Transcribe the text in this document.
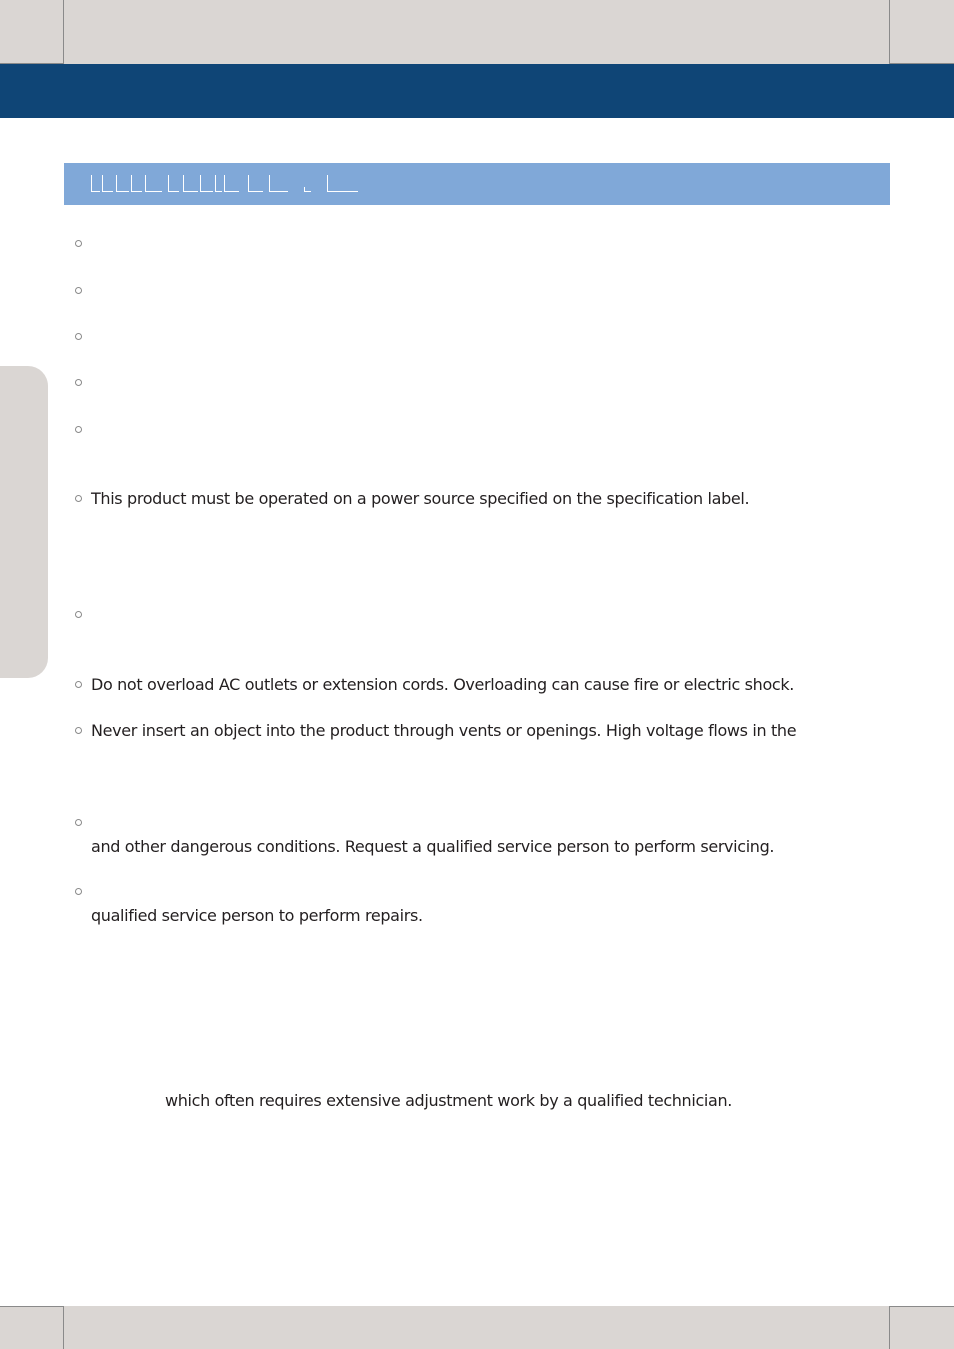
This product must be operated on a power source specified on the specification label.
Do not overload AC outlets or extension cords. Overloading can cause fire or electric shock.
Never insert an object into the product through vents or openings. High voltage flows in the
and other dangerous conditions. Request a qualified service person to perform servicing.
qualified service person to perform repairs.
which often requires extensive adjustment work by a qualified technician.
